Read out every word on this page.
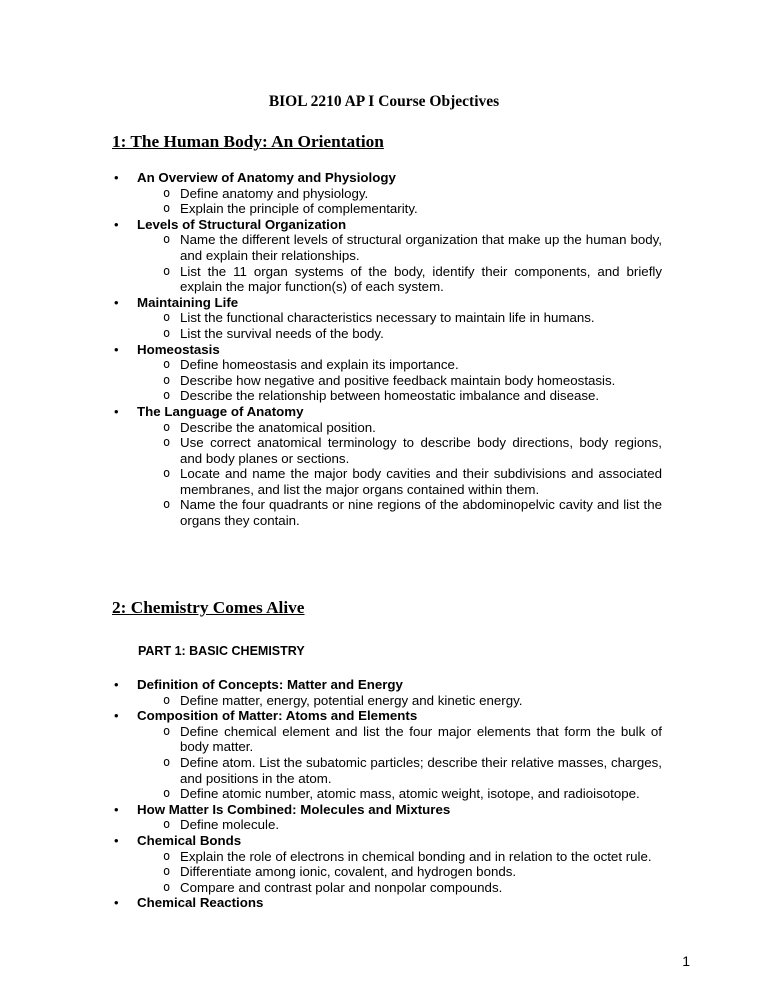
BIOL 2210 AP I Course Objectives
1: The Human Body: An Orientation
• An Overview of Anatomy and Physiology
o Define anatomy and physiology.
o Explain the principle of complementarity.
• Levels of Structural Organization
o Name the different levels of structural organization that make up the human body, and explain their relationships.
o List the 11 organ systems of the body, identify their components, and briefly explain the major function(s) of each system.
• Maintaining Life
o List the functional characteristics necessary to maintain life in humans.
o List the survival needs of the body.
• Homeostasis
o Define homeostasis and explain its importance.
o Describe how negative and positive feedback maintain body homeostasis.
o Describe the relationship between homeostatic imbalance and disease.
• The Language of Anatomy
o Describe the anatomical position.
o Use correct anatomical terminology to describe body directions, body regions, and body planes or sections.
o Locate and name the major body cavities and their subdivisions and associated membranes, and list the major organs contained within them.
o Name the four quadrants or nine regions of the abdominopelvic cavity and list the organs they contain.
2: Chemistry Comes Alive

PART 1: BASIC CHEMISTRY

• Definition of Concepts: Matter and Energy
o Define matter, energy, potential energy and kinetic energy.
• Composition of Matter: Atoms and Elements
o Define chemical element and list the four major elements that form the bulk of body matter.
o Define atom. List the subatomic particles; describe their relative masses, charges, and positions in the atom.
o Define atomic number, atomic mass, atomic weight, isotope, and radioisotope.
• How Matter Is Combined: Molecules and Mixtures
o Define molecule.
• Chemical Bonds
o Explain the role of electrons in chemical bonding and in relation to the octet rule.
o Differentiate among ionic, covalent, and hydrogen bonds.
o Compare and contrast polar and nonpolar compounds.
• Chemical Reactions

1
